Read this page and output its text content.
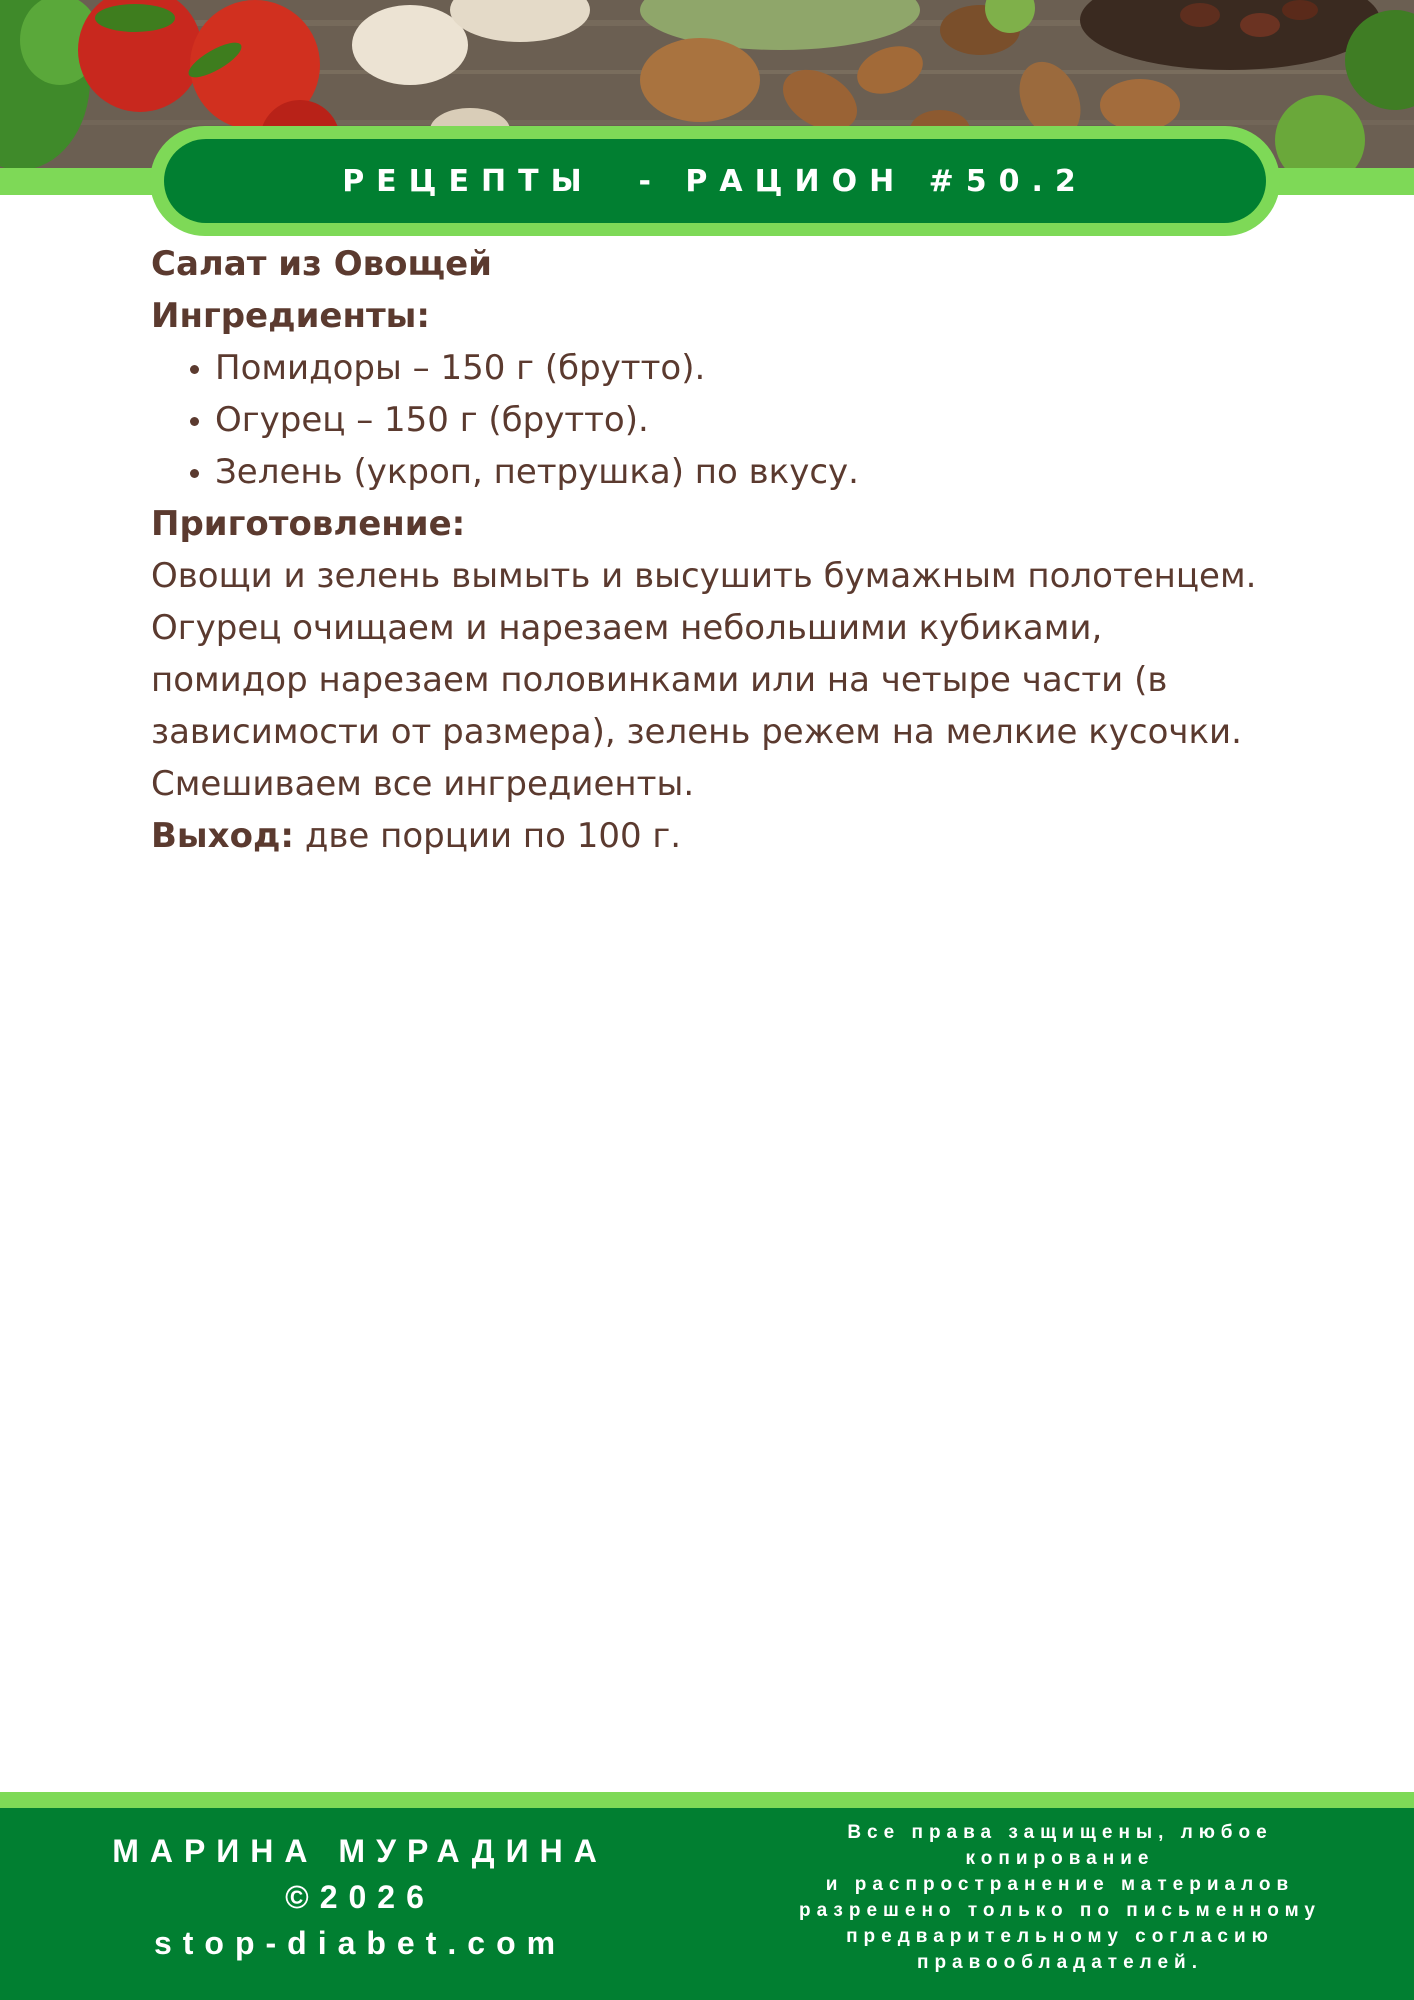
РЕЦЕПТЫ  - РАЦИОН #50.2

Салат из Овощей

Ингредиенты:

• Помидоры – 150 г (брутто).
• Огурец – 150 г (брутто).
• Зелень (укроп, петрушка) по вкусу.

Приготовление:

Овощи и зелень вымыть и высушить бумажным полотенцем.

Огурец очищаем и нарезаем небольшими кубиками,

помидор нарезаем половинками или на четыре части (в

зависимости от размера), зелень режем на мелкие кусочки.

Смешиваем все ингредиенты.

Выход: две порции по 100 г.

МАРИНА МУРАДИНА
©2026
stop-diabet.com
Все права защищены, любое
копирование
и распространение материалов
разрешено только по письменному
предварительному согласию
правообладателей.
